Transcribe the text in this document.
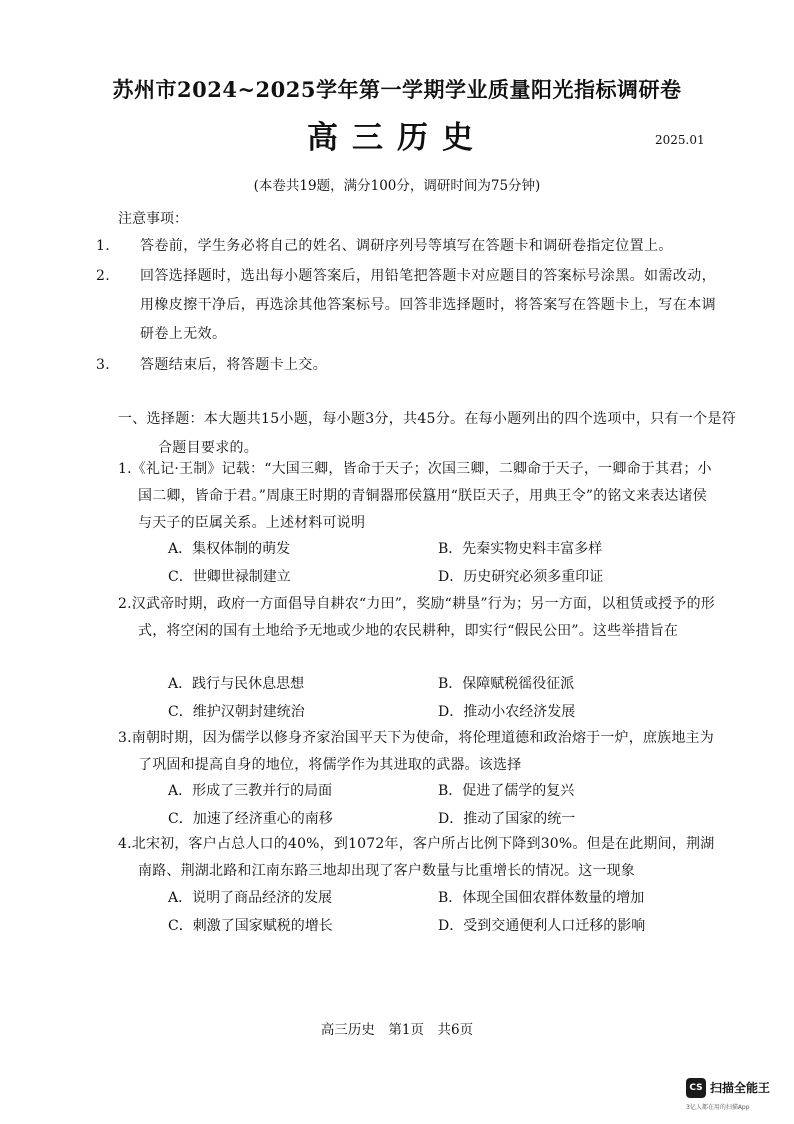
苏州市2024~2025学年第一学期学业质量阳光指标调研卷
高三历史	2025.01
(本卷共19题，满分100分，调研时间为75分钟)
注意事项：
1. 答卷前，学生务必将自己的姓名、调研序列号等填写在答题卡和调研卷指定位置上。
2. 回答选择题时，选出每小题答案后，用铅笔把答题卡对应题目的答案标号涂黑。如需改动，用橡皮擦干净后，再选涂其他答案标号。回答非选择题时，将答案写在答题卡上，写在本调研卷上无效。
3. 答题结束后，将答题卡上交。
一、选择题：本大题共15小题，每小题3分，共45分。在每小题列出的四个选项中，只有一个是符合题目要求的。
1.《礼记·王制》记载：“大国三卿，皆命于天子；次国三卿，二卿命于天子，一卿命于其君；小国二卿，皆命于君。”周康王时期的青铜器邢侯簋用“朕臣天子，用典王令”的铭文来表达诸侯与天子的臣属关系。上述材料可说明
A．集权体制的萌发	B．先秦实物史料丰富多样
C．世卿世禄制建立	D．历史研究必须多重印证
2.汉武帝时期，政府一方面倡导自耕农“力田”，奖励“耕垦”行为；另一方面，以租赁或授予的形式，将空闲的国有土地给予无地或少地的农民耕种，即实行“假民公田”。这些举措旨在
A．践行与民休息思想	B．保障赋税徭役征派
C．维护汉朝封建统治	D．推动小农经济发展
3.南朝时期，因为儒学以修身齐家治国平天下为使命，将伦理道德和政治熔于一炉，庶族地主为了巩固和提高自身的地位，将儒学作为其进取的武器。该选择
A．形成了三教并行的局面	B．促进了儒学的复兴
C．加速了经济重心的南移	D．推动了国家的统一
4.北宋初，客户占总人口的40%，到1072年，客户所占比例下降到30%。但是在此期间，荆湖南路、荆湖北路和江南东路三地却出现了客户数量与比重增长的情况。这一现象
A．说明了商品经济的发展	B．体现全国佃农群体数量的增加
C．刺激了国家赋税的增长	D．受到交通便利人口迁移的影响
高三历史　第1页　共6页
CS 扫描全能王
3亿人都在用的扫描App
